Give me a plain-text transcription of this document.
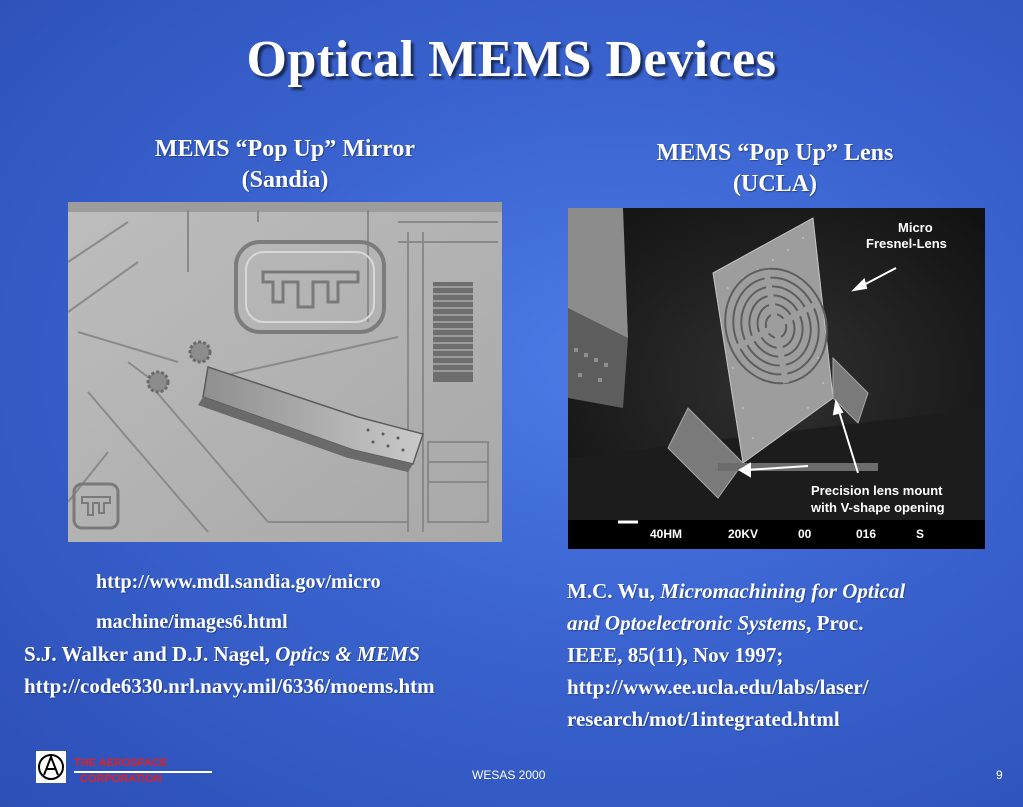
Optical MEMS Devices
MEMS “Pop Up” Mirror
(Sandia)
MEMS “Pop Up” Lens
(UCLA)
Micro
Fresnel-Lens
Precision lens mount
with V-shape opening
40HM	20KV	00	016	S
http://www.mdl.sandia.gov/micro
machine/images6.html
S.J. Walker and D.J. Nagel, Optics & MEMS
http://code6330.nrl.navy.mil/6336/moems.htm
M.C. Wu, Micromachining for Optical
and Optoelectronic Systems, Proc.
IEEE, 85(11), Nov 1997;
http://www.ee.ucla.edu/labs/laser/
research/mot/1integrated.html
THE AEROSPACE
CORPORATION	WESAS 2000	9
